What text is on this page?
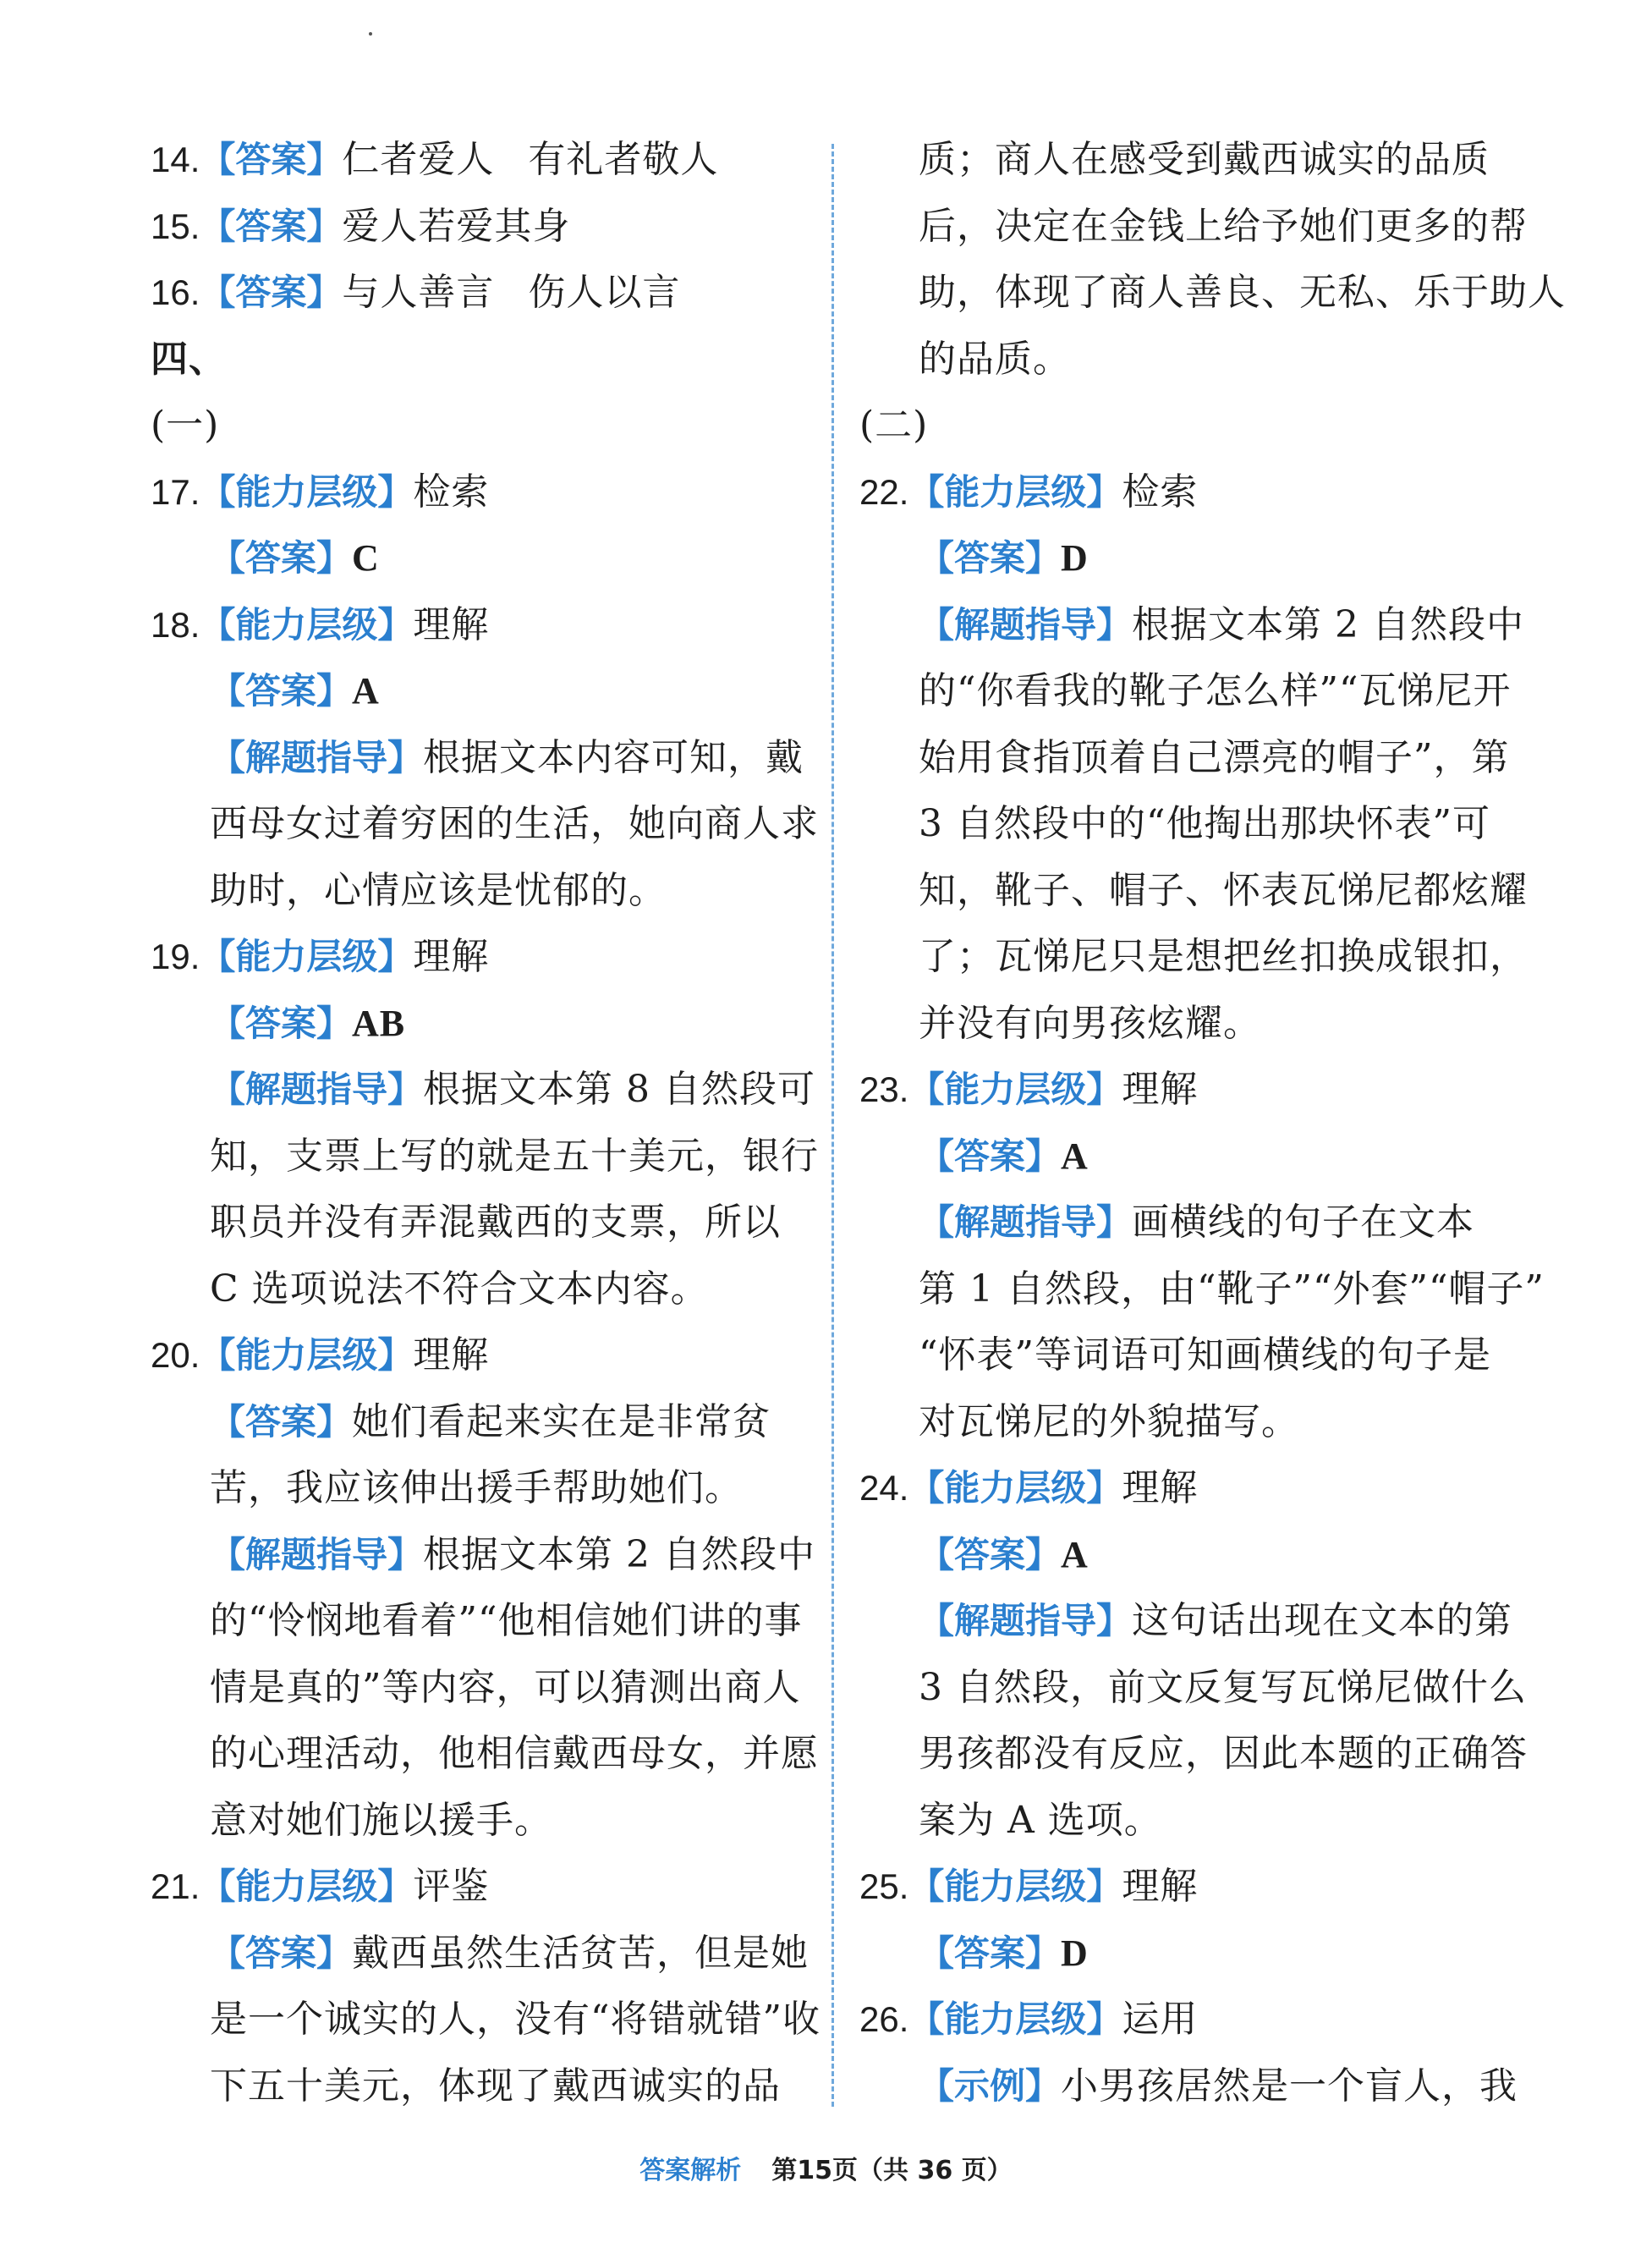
14.【答案】仁者爱人 有礼者敬人
15.【答案】爱人若爱其身
16.【答案】与人善言 伤人以言
四、
(一)
17.【能力层级】检索
【答案】C
18.【能力层级】理解
【答案】A
【解题指导】根据文本内容可知，戴
西母女过着穷困的生活，她向商人求
助时，心情应该是忧郁的。
19.【能力层级】理解
【答案】AB
【解题指导】根据文本第 8 自然段可
知，支票上写的就是五十美元，银行
职员并没有弄混戴西的支票，所以
C 选项说法不符合文本内容。
20.【能力层级】理解
【答案】她们看起来实在是非常贫
苦，我应该伸出援手帮助她们。
【解题指导】根据文本第 2 自然段中
的“怜悯地看着”“他相信她们讲的事
情是真的”等内容，可以猜测出商人
的心理活动，他相信戴西母女，并愿
意对她们施以援手。
21.【能力层级】评鉴
【答案】戴西虽然生活贫苦，但是她
是一个诚实的人，没有“将错就错”收
下五十美元，体现了戴西诚实的品
质；商人在感受到戴西诚实的品质
后，决定在金钱上给予她们更多的帮
助，体现了商人善良、无私、乐于助人
的品质。
(二)
22.【能力层级】检索
【答案】D
【解题指导】根据文本第 2 自然段中
的“你看我的靴子怎么样”“瓦悌尼开
始用食指顶着自己漂亮的帽子”，第
3 自然段中的“他掏出那块怀表”可
知，靴子、帽子、怀表瓦悌尼都炫耀
了；瓦悌尼只是想把丝扣换成银扣，
并没有向男孩炫耀。
23.【能力层级】理解
【答案】A
【解题指导】画横线的句子在文本
第 1 自然段，由“靴子”“外套”“帽子”
“怀表”等词语可知画横线的句子是
对瓦悌尼的外貌描写。
24.【能力层级】理解
【答案】A
【解题指导】这句话出现在文本的第
3 自然段，前文反复写瓦悌尼做什么
男孩都没有反应，因此本题的正确答
案为 A 选项。
25.【能力层级】理解
【答案】D
26.【能力层级】运用
【示例】小男孩居然是一个盲人，我
答案解析 第15页（共 36 页）
